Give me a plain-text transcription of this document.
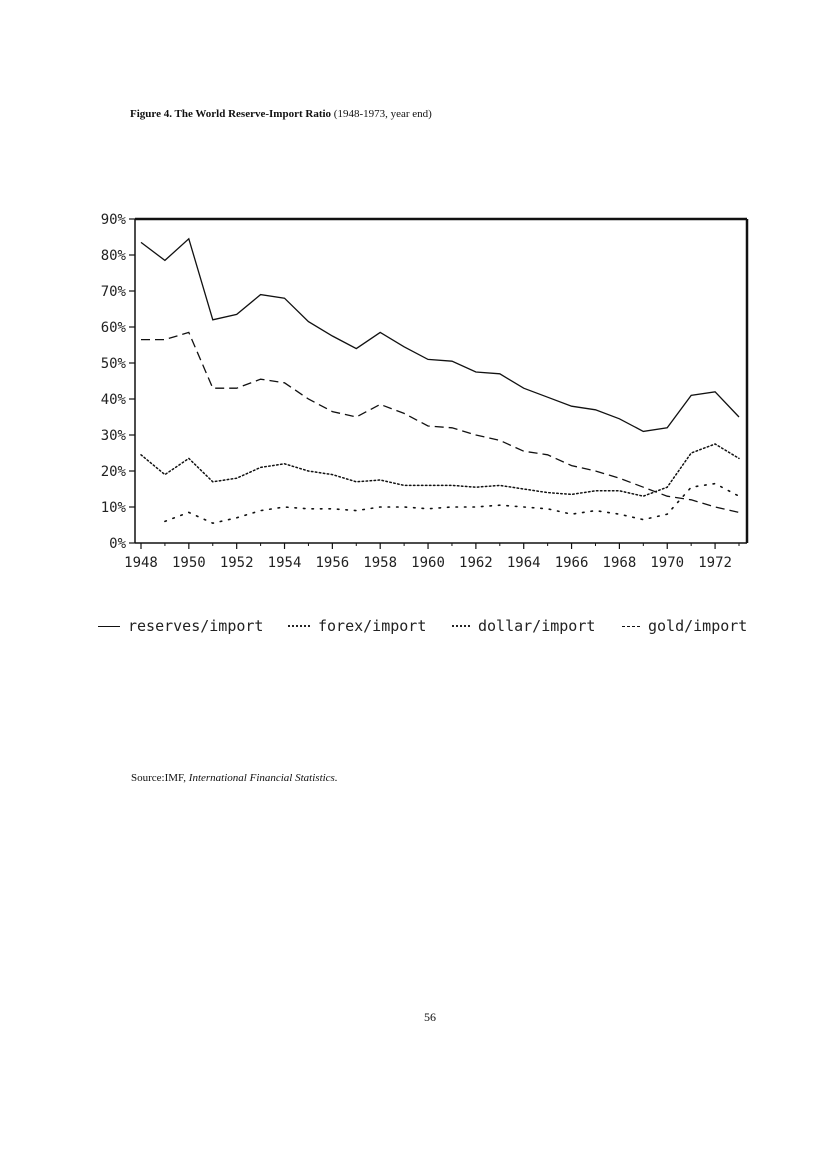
Figure 4. The World Reserve-Import Ratio (1948-1973, year end)
0%
10%
20%
30%
40%
50%
60%
70%
80%
90%
1948 1950 1952 1954 1956 1958 1960 1962 1964 1966 1968 1970 1972
reserves/import	forex/import	dollar/import	gold/import
Source:IMF, International Financial Statistics.
56
